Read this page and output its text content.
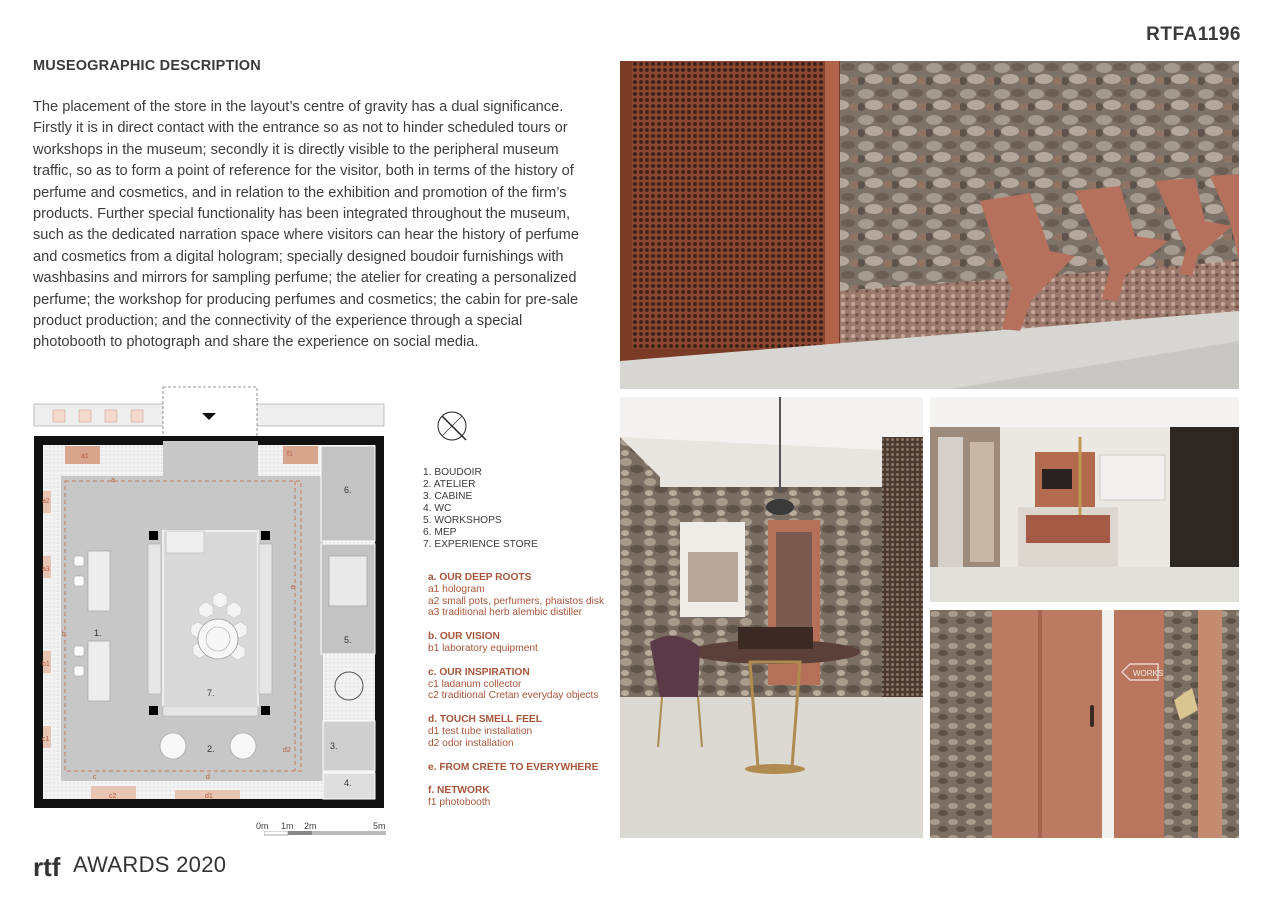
RTFA1196
MUSEOGRAPHIC DESCRIPTION
The placement of the store in the layout’s centre of gravity has a dual significance.
Firstly it is in direct contact with the entrance so as not to hinder scheduled tours or
workshops in the museum; secondly it is directly visible to the peripheral museum
traffic, so as to form a point of reference for the visitor, both in terms of the history of
perfume and cosmetics, and in relation to the exhibition and promotion of the firm’s
products. Further special functionality has been integrated throughout the museum,
such as the dedicated narration space where visitors can hear the history of perfume
and cosmetics from a digital hologram; specially designed boudoir furnishings with
washbasins and mirrors for sampling perfume; the atelier for creating a personalized
perfume; the workshop for producing perfumes and cosmetics; the cabin for pre-sale
product production; and the connectivity of the experience through a special
photobooth to photograph and share the experience on social media.
WORKS
1.
2.	3.
4.
5.
6.
7.
a
a1
a2
a3
b.
b1
c
c1
c2
d
d1
d2
e
f1
1. BOUDOIR
2. ATELIER
3. CABINE
4. WC
5. WORKSHOPS
6. MEP
7. EXPERIENCE STORE
a. OUR DEEP ROOTS
a1 hologram
a2 small pots, perfumers, phaistos disk
a3 traditional herb alembic distiller
b. OUR VISION
b1 laboratory equipment
c. OUR INSPIRATION
c1 ladanum collector
c2 traditional Cretan everyday objects
d. TOUCH SMELL FEEL
d1 test tube installation
d2 odor installation
e. FROM CRETE TO EVERYWHERE
f. NETWORK
f1 photobooth
0m 1m 2m	5m
rtf AWARDS 2020
